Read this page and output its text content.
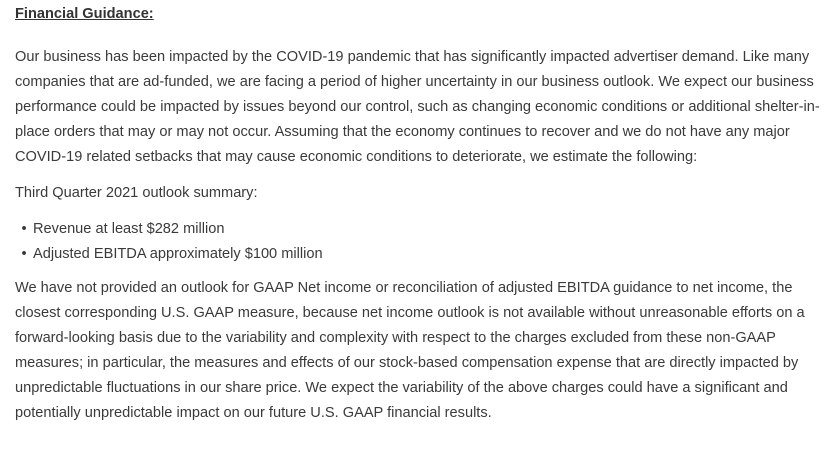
Financial Guidance:

Our business has been impacted by the COVID-19 pandemic that has significantly impacted advertiser demand. Like many companies that are ad-funded, we are facing a period of higher uncertainty in our business outlook. We expect our business performance could be impacted by issues beyond our control, such as changing economic conditions or additional shelter-in-place orders that may or may not occur. Assuming that the economy continues to recover and we do not have any major COVID-19 related setbacks that may cause economic conditions to deteriorate, we estimate the following:

Third Quarter 2021 outlook summary:

• Revenue at least $282 million
• Adjusted EBITDA approximately $100 million

We have not provided an outlook for GAAP Net income or reconciliation of adjusted EBITDA guidance to net income, the closest corresponding U.S. GAAP measure, because net income outlook is not available without unreasonable efforts on a forward-looking basis due to the variability and complexity with respect to the charges excluded from these non-GAAP measures; in particular, the measures and effects of our stock-based compensation expense that are directly impacted by unpredictable fluctuations in our share price. We expect the variability of the above charges could have a significant and potentially unpredictable impact on our future U.S. GAAP financial results.
